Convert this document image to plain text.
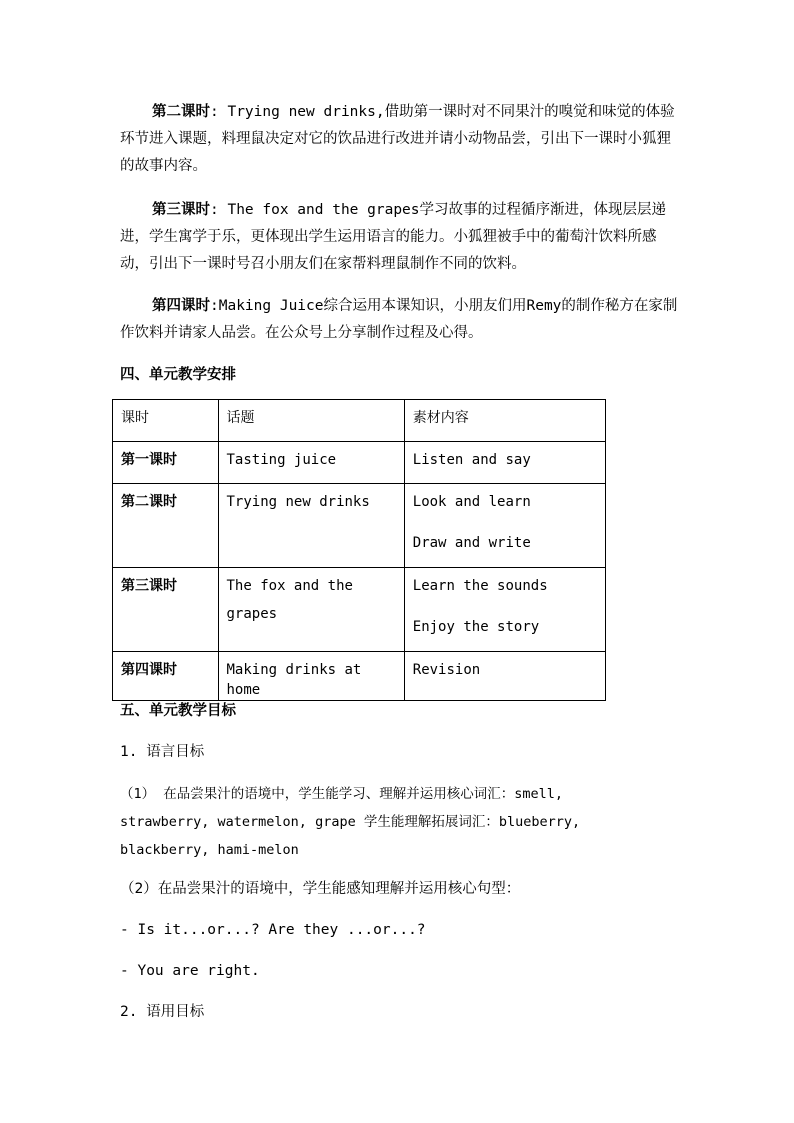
第二课时: Trying new drinks,借助第一课时对不同果汁的嗅觉和味觉的体验环节进入课题，料理鼠决定对它的饮品进行改进并请小动物品尝，引出下一课时小狐狸的故事内容。

第三课时: The fox and the grapes学习故事的过程循序渐进，体现层层递进，学生寓学于乐，更体现出学生运用语言的能力。小狐狸被手中的葡萄汁饮料所感动，引出下一课时号召小朋友们在家帮料理鼠制作不同的饮料。

第四课时:Making Juice综合运用本课知识，小朋友们用Remy的制作秘方在家制作饮料并请家人品尝。在公众号上分享制作过程及心得。

四、单元教学安排

课时	话题	素材内容
第一课时	Tasting juice	Listen and say
第二课时	Trying new drinks	Look and learn
Draw and write

第三课时	The fox and the grapes	Learn the sounds
Enjoy the story

第四课时	Making drinks at home	Revision

五、单元教学目标

1. 语言目标

（1） 在品尝果汁的语境中，学生能学习、理解并运用核心词汇：smell, strawberry, watermelon, grape 学生能理解拓展词汇：blueberry, blackberry, hami-melon

（2）在品尝果汁的语境中，学生能感知理解并运用核心句型：

- Is it...or...? Are they ...or...?

- You are right.

2. 语用目标
